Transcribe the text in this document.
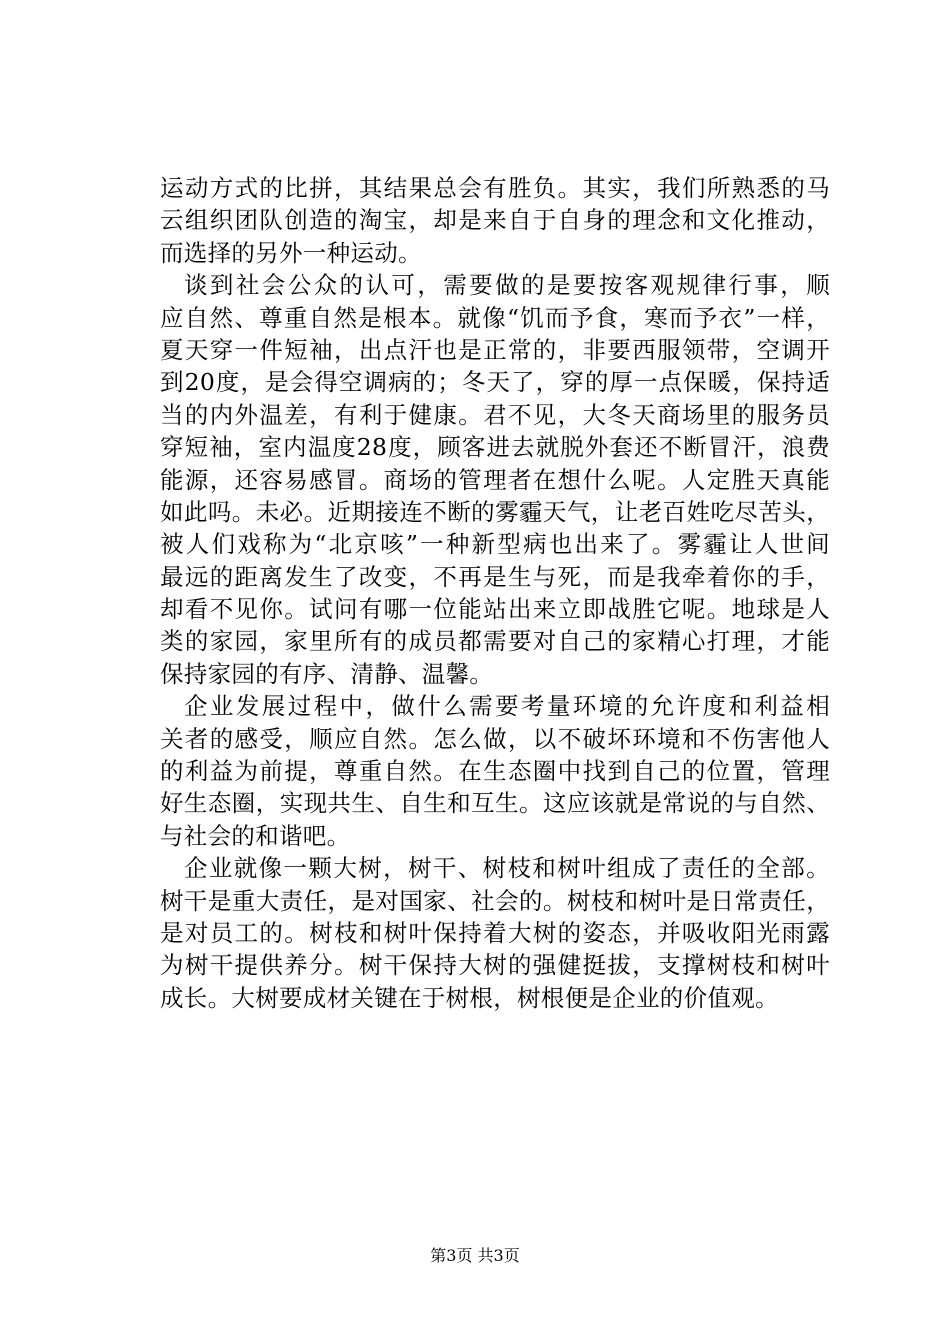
运动方式的比拼，其结果总会有胜负。其实，我们所熟悉的马
云组织团队创造的淘宝，却是来自于自身的理念和文化推动，
而选择的另外一种运动。
谈到社会公众的认可，需要做的是要按客观规律行事，顺
应自然、尊重自然是根本。就像“饥而予食，寒而予衣”一样，
夏天穿一件短袖，出点汗也是正常的，非要西服领带，空调开
到20度，是会得空调病的；冬天了，穿的厚一点保暖，保持适
当的内外温差，有利于健康。君不见，大冬天商场里的服务员
穿短袖，室内温度28度，顾客进去就脱外套还不断冒汗，浪费
能源，还容易感冒。商场的管理者在想什么呢。人定胜天真能
如此吗。未必。近期接连不断的雾霾天气，让老百姓吃尽苦头，
被人们戏称为“北京咳”一种新型病也出来了。雾霾让人世间
最远的距离发生了改变，不再是生与死，而是我牵着你的手，
却看不见你。试问有哪一位能站出来立即战胜它呢。地球是人
类的家园，家里所有的成员都需要对自己的家精心打理，才能
保持家园的有序、清静、温馨。
企业发展过程中，做什么需要考量环境的允许度和利益相
关者的感受，顺应自然。怎么做，以不破坏环境和不伤害他人
的利益为前提，尊重自然。在生态圈中找到自己的位置，管理
好生态圈，实现共生、自生和互生。这应该就是常说的与自然、
与社会的和谐吧。
企业就像一颗大树，树干、树枝和树叶组成了责任的全部。
树干是重大责任，是对国家、社会的。树枝和树叶是日常责任，
是对员工的。树枝和树叶保持着大树的姿态，并吸收阳光雨露
为树干提供养分。树干保持大树的强健挺拔，支撑树枝和树叶
成长。大树要成材关键在于树根，树根便是企业的价值观。
第3页 共3页
